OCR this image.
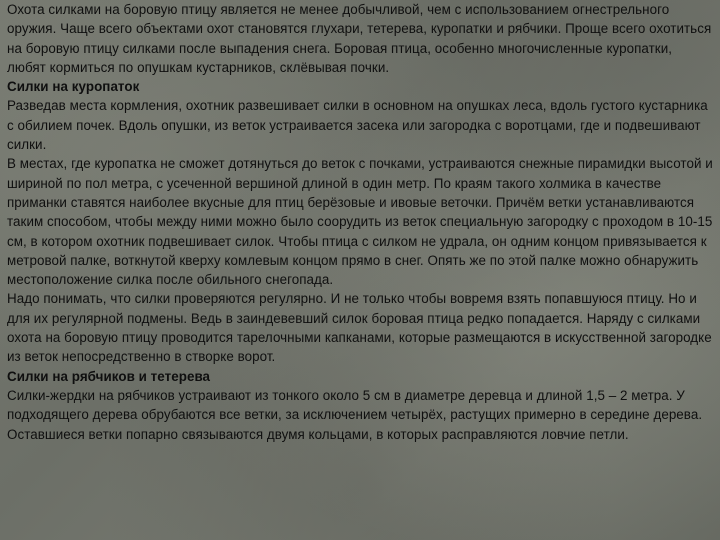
Охота силками на боровую птицу является не менее добычливой, чем с использованием огнестрельного оружия. Чаще всего объектами охот становятся глухари, тетерева, куропатки и рябчики. Проще всего охотиться на боровую птицу силками после выпадения снега. Боровая птица, особенно многочисленные куропатки, любят кормиться по опушкам кустарников, склёвывая почки.

Силки на куропаток

Разведав места кормления, охотник развешивает силки в основном на опушках леса, вдоль густого кустарника с обилием почек. Вдоль опушки, из веток устраивается засека или загородка с воротцами, где и подвешивают силки.

В местах, где куропатка не сможет дотянуться до веток с почками, устраиваются снежные пирамидки высотой и шириной по пол метра, с усеченной вершиной длиной в один метр. По краям такого холмика в качестве приманки ставятся наиболее вкусные для птиц берёзовые и ивовые веточки. Причём ветки устанавливаются таким способом, чтобы между ними можно было соорудить из веток специальную загородку с проходом в 10-15 см, в котором охотник подвешивает силок. Чтобы птица с силком не удрала, он одним концом привязывается к метровой палке, воткнутой кверху комлевым концом прямо в снег. Опять же по этой палке можно обнаружить местоположение силка после обильного снегопада.

Надо понимать, что силки проверяются регулярно. И не только чтобы вовремя взять попавшуюся птицу. Но и для их регулярной подмены. Ведь в заиндевевший силок боровая птица редко попадается. Наряду с силками охота на боровую птицу проводится тарелочными капканами, которые размещаются в искусственной загородке из веток непосредственно в створке ворот.

Силки на рябчиков и тетерева

Силки-жердки на рябчиков устраивают из тонкого около 5 см в диаметре деревца и длиной 1,5 – 2 метра. У подходящего дерева обрубаются все ветки, за исключением четырёх, растущих примерно в середине дерева. Оставшиеся ветки попарно связываются двумя кольцами, в которых расправляются ловчие петли.
